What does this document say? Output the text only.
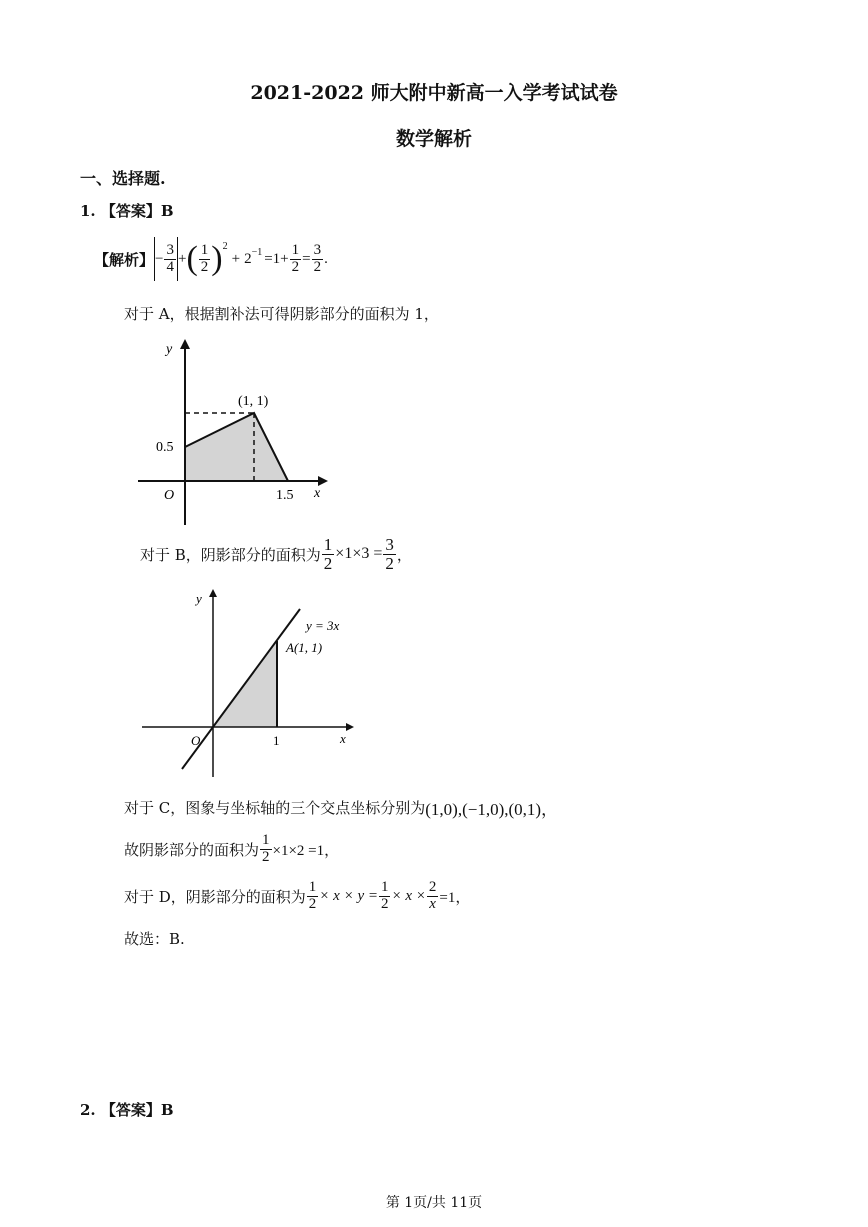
2021-2022 师大附中新高一入学考试试卷
数学解析
一、选择题.
1. 【答案】B
【解析】 − $\frac{3}{4}$ + ( $\frac{1}{2} )^2$
+ $2^{-1} =1+ \frac{1}{2} = \frac{3}{2}$ .
对于 A，根据割补法可得阴影部分的面积为 1，
y
x
O
0.5
1.5
(1, 1)
对于 B，阴影部分的面积为 $\frac{1}{2} \times 1\times 3 = \frac{3}{2}$ ，
y
x
O	1
y = 3x
A(1, 1)
对于 C，图象与坐标轴的三个交点坐标分别为 (1,0),(−1,0),(0,1)，
故阴影部分的面积为 $\frac{1}{2} \times 1\times 2 =1$，
对于 D，阴影部分的面积为 $\frac{1}{2} \times x \times y = \frac{1}{2} \times x \times \frac{2}{x} =1$，
故选：B.
2. 【答案】B
第 1页/共 11页
